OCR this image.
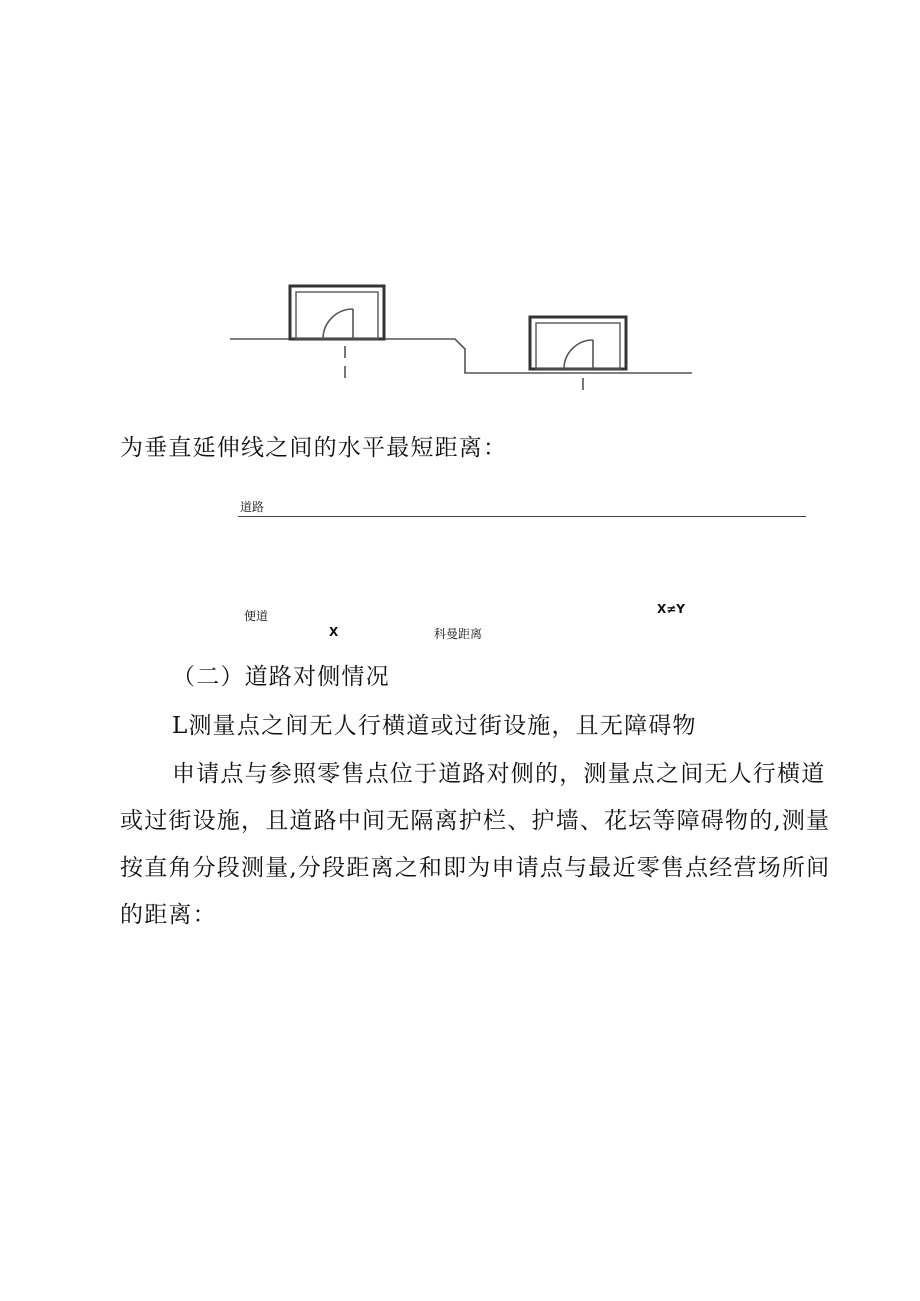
为垂直延伸线之间的水平最短距离：
道路
便道
X	科曼距离
X≠Y
（二）道路对侧情况
L测量点之间无人行横道或过街设施，且无障碍物
申请点与参照零售点位于道路对侧的，测量点之间无人行横道
或过街设施，且道路中间无隔离护栏、护墙、花坛等障碍物的,测量
按直角分段测量,分段距离之和即为申请点与最近零售点经营场所间
的距离：
